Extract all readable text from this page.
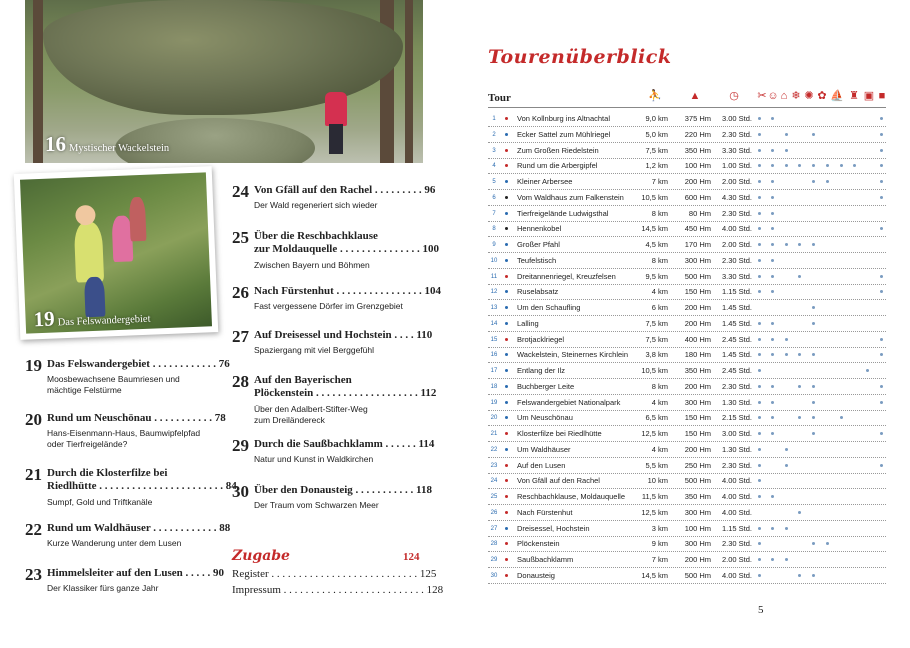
16 Mystischer Wackelstein
19 Das Felswandergebiet
19 Das Felswandergebiet . . . . . . . . . . . . 76
Moosbewachsene Baumriesen und
mächtige Felstürme
20 Rund um Neuschönau . . . . . . . . . . . 78
Hans-Eisenmann-Haus, Baumwipfelpfad
oder Tierfreigelände?
21 Durch die Klosterfilze bei
Riedlhütte . . . . . . . . . . . . . . . . . . . . . . . 84
Sumpf, Gold und Triftkanäle
22 Rund um Waldhäuser . . . . . . . . . . . . 88
Kurze Wanderung unter dem Lusen
23 Himmelsleiter auf den Lusen . . . . . 90
Der Klassiker fürs ganze Jahr
24 Von Gfäll auf den Rachel . . . . . . . . . 96
Der Wald regeneriert sich wieder
25 Über die Reschbachklause
zur Moldauquelle . . . . . . . . . . . . . . . 100
Zwischen Bayern und Böhmen
26 Nach Fürstenhut . . . . . . . . . . . . . . . . 104
Fast vergessene Dörfer im Grenzgebiet
27 Auf Dreisessel und Hochstein . . . . 110
Spaziergang mit viel Berggefühl
28 Auf den Bayerischen
Plöckenstein . . . . . . . . . . . . . . . . . . . 112
Über den Adalbert-Stifter-Weg
zum Dreiländereck
29 Durch die Saußbachklamm . . . . . . 114
Natur und Kunst in Waldkirchen
30 Über den Donausteig . . . . . . . . . . . 118
Der Traum vom Schwarzen Meer
Zugabe	124
Register . . . . . . . . . . . . . . . . . . . . . . . . . . . 125
Impressum . . . . . . . . . . . . . . . . . . . . . . . . . . 128
Tourenüberblick
Tour	⛹	▲	◷ ✂ ☺ ⌂ ❄ ✺ ✿ ⛵ ♜ ▣ ■
1	Von Kollnburg ins Altnachtal	9,0 km	375 Hm	3.00 Std.
2	Ecker Sattel zum Mühlriegel	5,0 km	220 Hm	2.30 Std.
3	Zum Großen Riedelstein	7,5 km	350 Hm	3.30 Std.
4	Rund um die Arbergipfel	1,2 km	100 Hm	1.00 Std.
5	Kleiner Arbersee	7 km	200 Hm	2.00 Std.
6	Vom Waldhaus zum Falkenstein	10,5 km	600 Hm	4.30 Std.
7	Tierfreigelände Ludwigsthal	8 km	80 Hm	2.30 Std.
8	Hennenkobel	14,5 km	450 Hm	4.00 Std.
9	Großer Pfahl	4,5 km	170 Hm	2.00 Std.
10	Teufelstisch	8 km	300 Hm	2.30 Std.
11	Dreitannenriegel, Kreuzfelsen	9,5 km	500 Hm	3.30 Std.
12	Ruselabsatz	4 km	150 Hm	1.15 Std.
13	Um den Schaufling	6 km	200 Hm	1.45 Std.
14	Lalling	7,5 km	200 Hm	1.45 Std.
15	Brotjacklriegel	7,5 km	400 Hm	2.45 Std.
16	Wackelstein, Steinernes Kirchlein	3,8 km	180 Hm	1.45 Std.
17	Entlang der Ilz	10,5 km	350 Hm	2.45 Std.
18	Buchberger Leite	8 km	200 Hm	2.30 Std.
19	Felswandergebiet Nationalpark	4 km	300 Hm	1.30 Std.
20	Um Neuschönau	6,5 km	150 Hm	2.15 Std.
21	Klosterfilze bei Riedlhütte	12,5 km	150 Hm	3.00 Std.
22	Um Waldhäuser	4 km	200 Hm	1.30 Std.
23	Auf den Lusen	5,5 km	250 Hm	2.30 Std.
24	Von Gfäll auf den Rachel	10 km	500 Hm	4.00 Std.
25	Reschbachklause, Moldauquelle	11,5 km	350 Hm	4.00 Std.
26	Nach Fürstenhut	12,5 km	300 Hm	4.00 Std.
27	Dreisessel, Hochstein	3 km	100 Hm	1.15 Std.
28	Plöckenstein	9 km	300 Hm	2.30 Std.
29	Saußbachklamm	7 km	200 Hm	2.00 Std.
30	Donausteig	14,5 km	500 Hm	4.00 Std.
5
